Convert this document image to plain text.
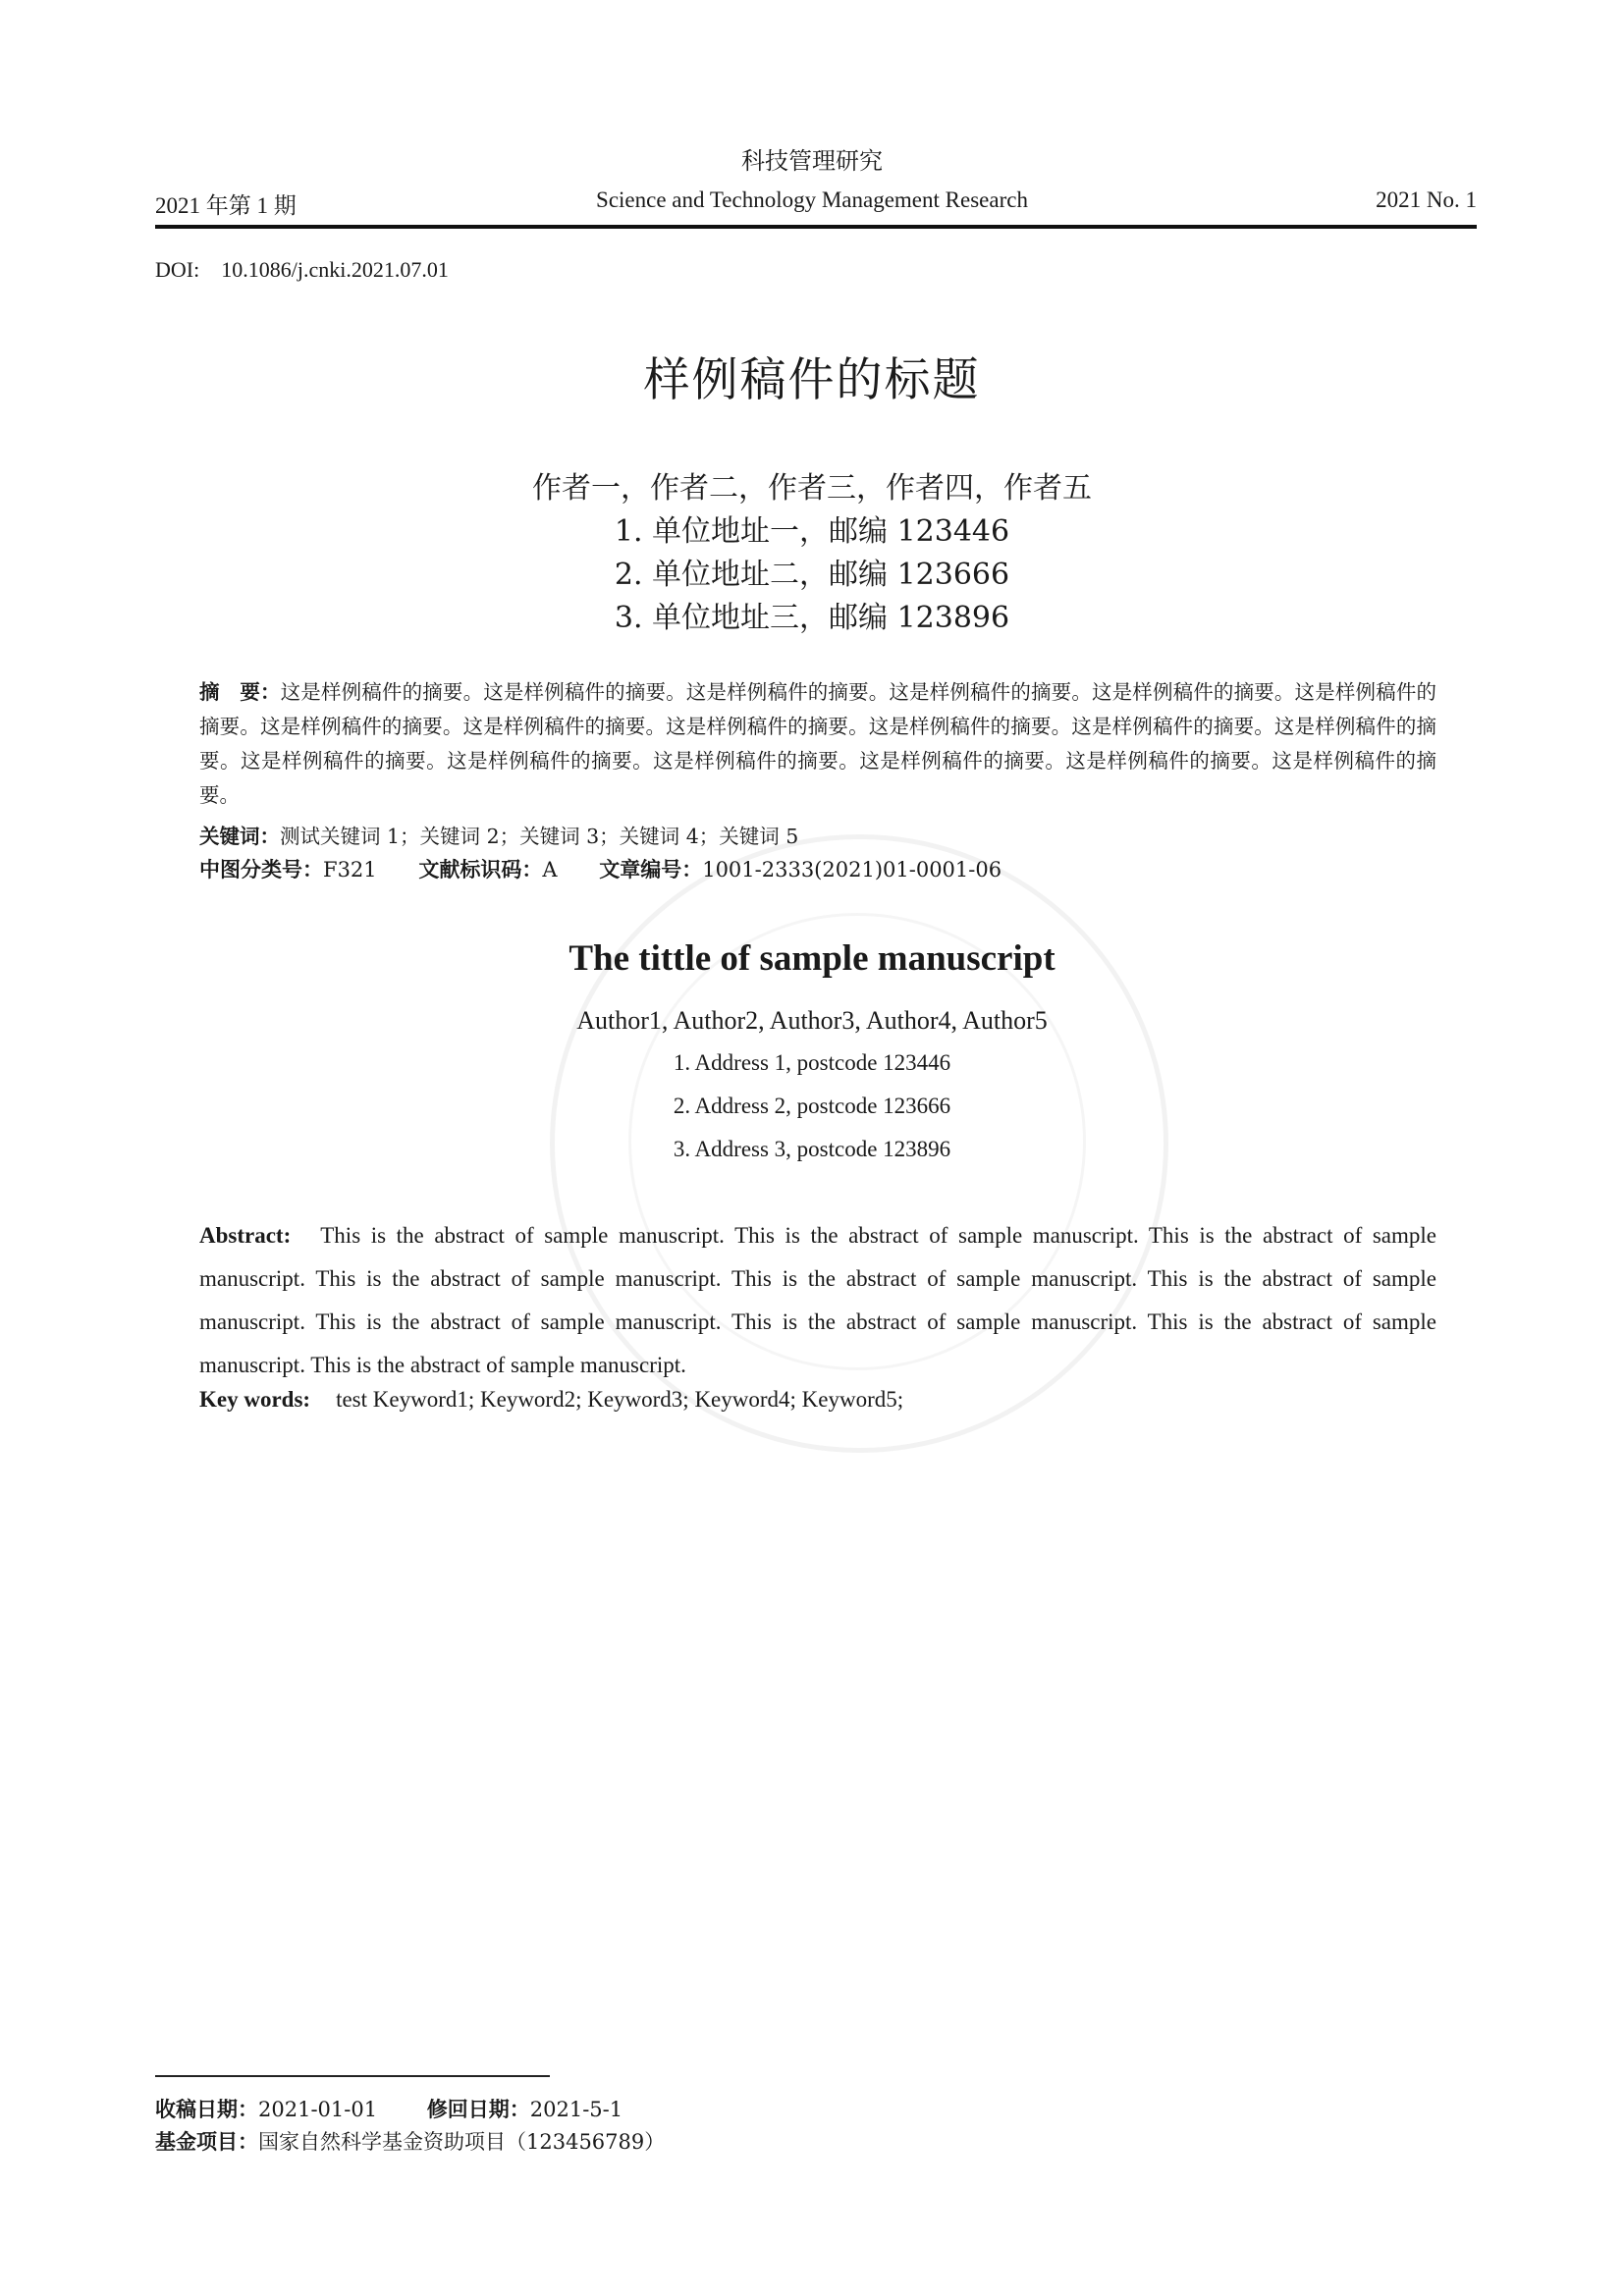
科技管理研究
2021 年第 1 期	Science and Technology Management Research	2021 No. 1
DOI: 10.1086/j.cnki.2021.07.01
样例稿件的标题
作者一，作者二，作者三，作者四，作者五
1. 单位地址一，邮编 123446
2. 单位地址二，邮编 123666
3. 单位地址三，邮编 123896
摘　要：这是样例稿件的摘要。这是样例稿件的摘要。这是样例稿件的摘要。这是样例稿件的摘要。这是样例稿件的摘要。这是样例稿件的摘要。这是样例稿件的摘要。这是样例稿件的摘要。这是样例稿件的摘要。这是样例稿件的摘要。这是样例稿件的摘要。这是样例稿件的摘要。这是样例稿件的摘要。这是样例稿件的摘要。这是样例稿件的摘要。这是样例稿件的摘要。这是样例稿件的摘要。这是样例稿件的摘要。
关键词：测试关键词 1；关键词 2；关键词 3；关键词 4；关键词 5
中图分类号：F321 文献标识码：A 文章编号：1001-2333(2021)01-0001-06
The tittle of sample manuscript
Author1, Author2, Author3, Author4, Author5
1. Address 1, postcode 123446
2. Address 2, postcode 123666
3. Address 3, postcode 123896
Abstract: This is the abstract of sample manuscript. This is the abstract of sample manuscript. This is the abstract of sample manuscript. This is the abstract of sample manuscript. This is the abstract of sample manuscript. This is the abstract of sample manuscript. This is the abstract of sample manuscript. This is the abstract of sample manuscript. This is the abstract of sample manuscript. This is the abstract of sample manuscript.
Key words: test Keyword1; Keyword2; Keyword3; Keyword4; Keyword5;
收稿日期：2021-01-01 修回日期：2021-5-1
基金项目：国家自然科学基金资助项目（123456789）
